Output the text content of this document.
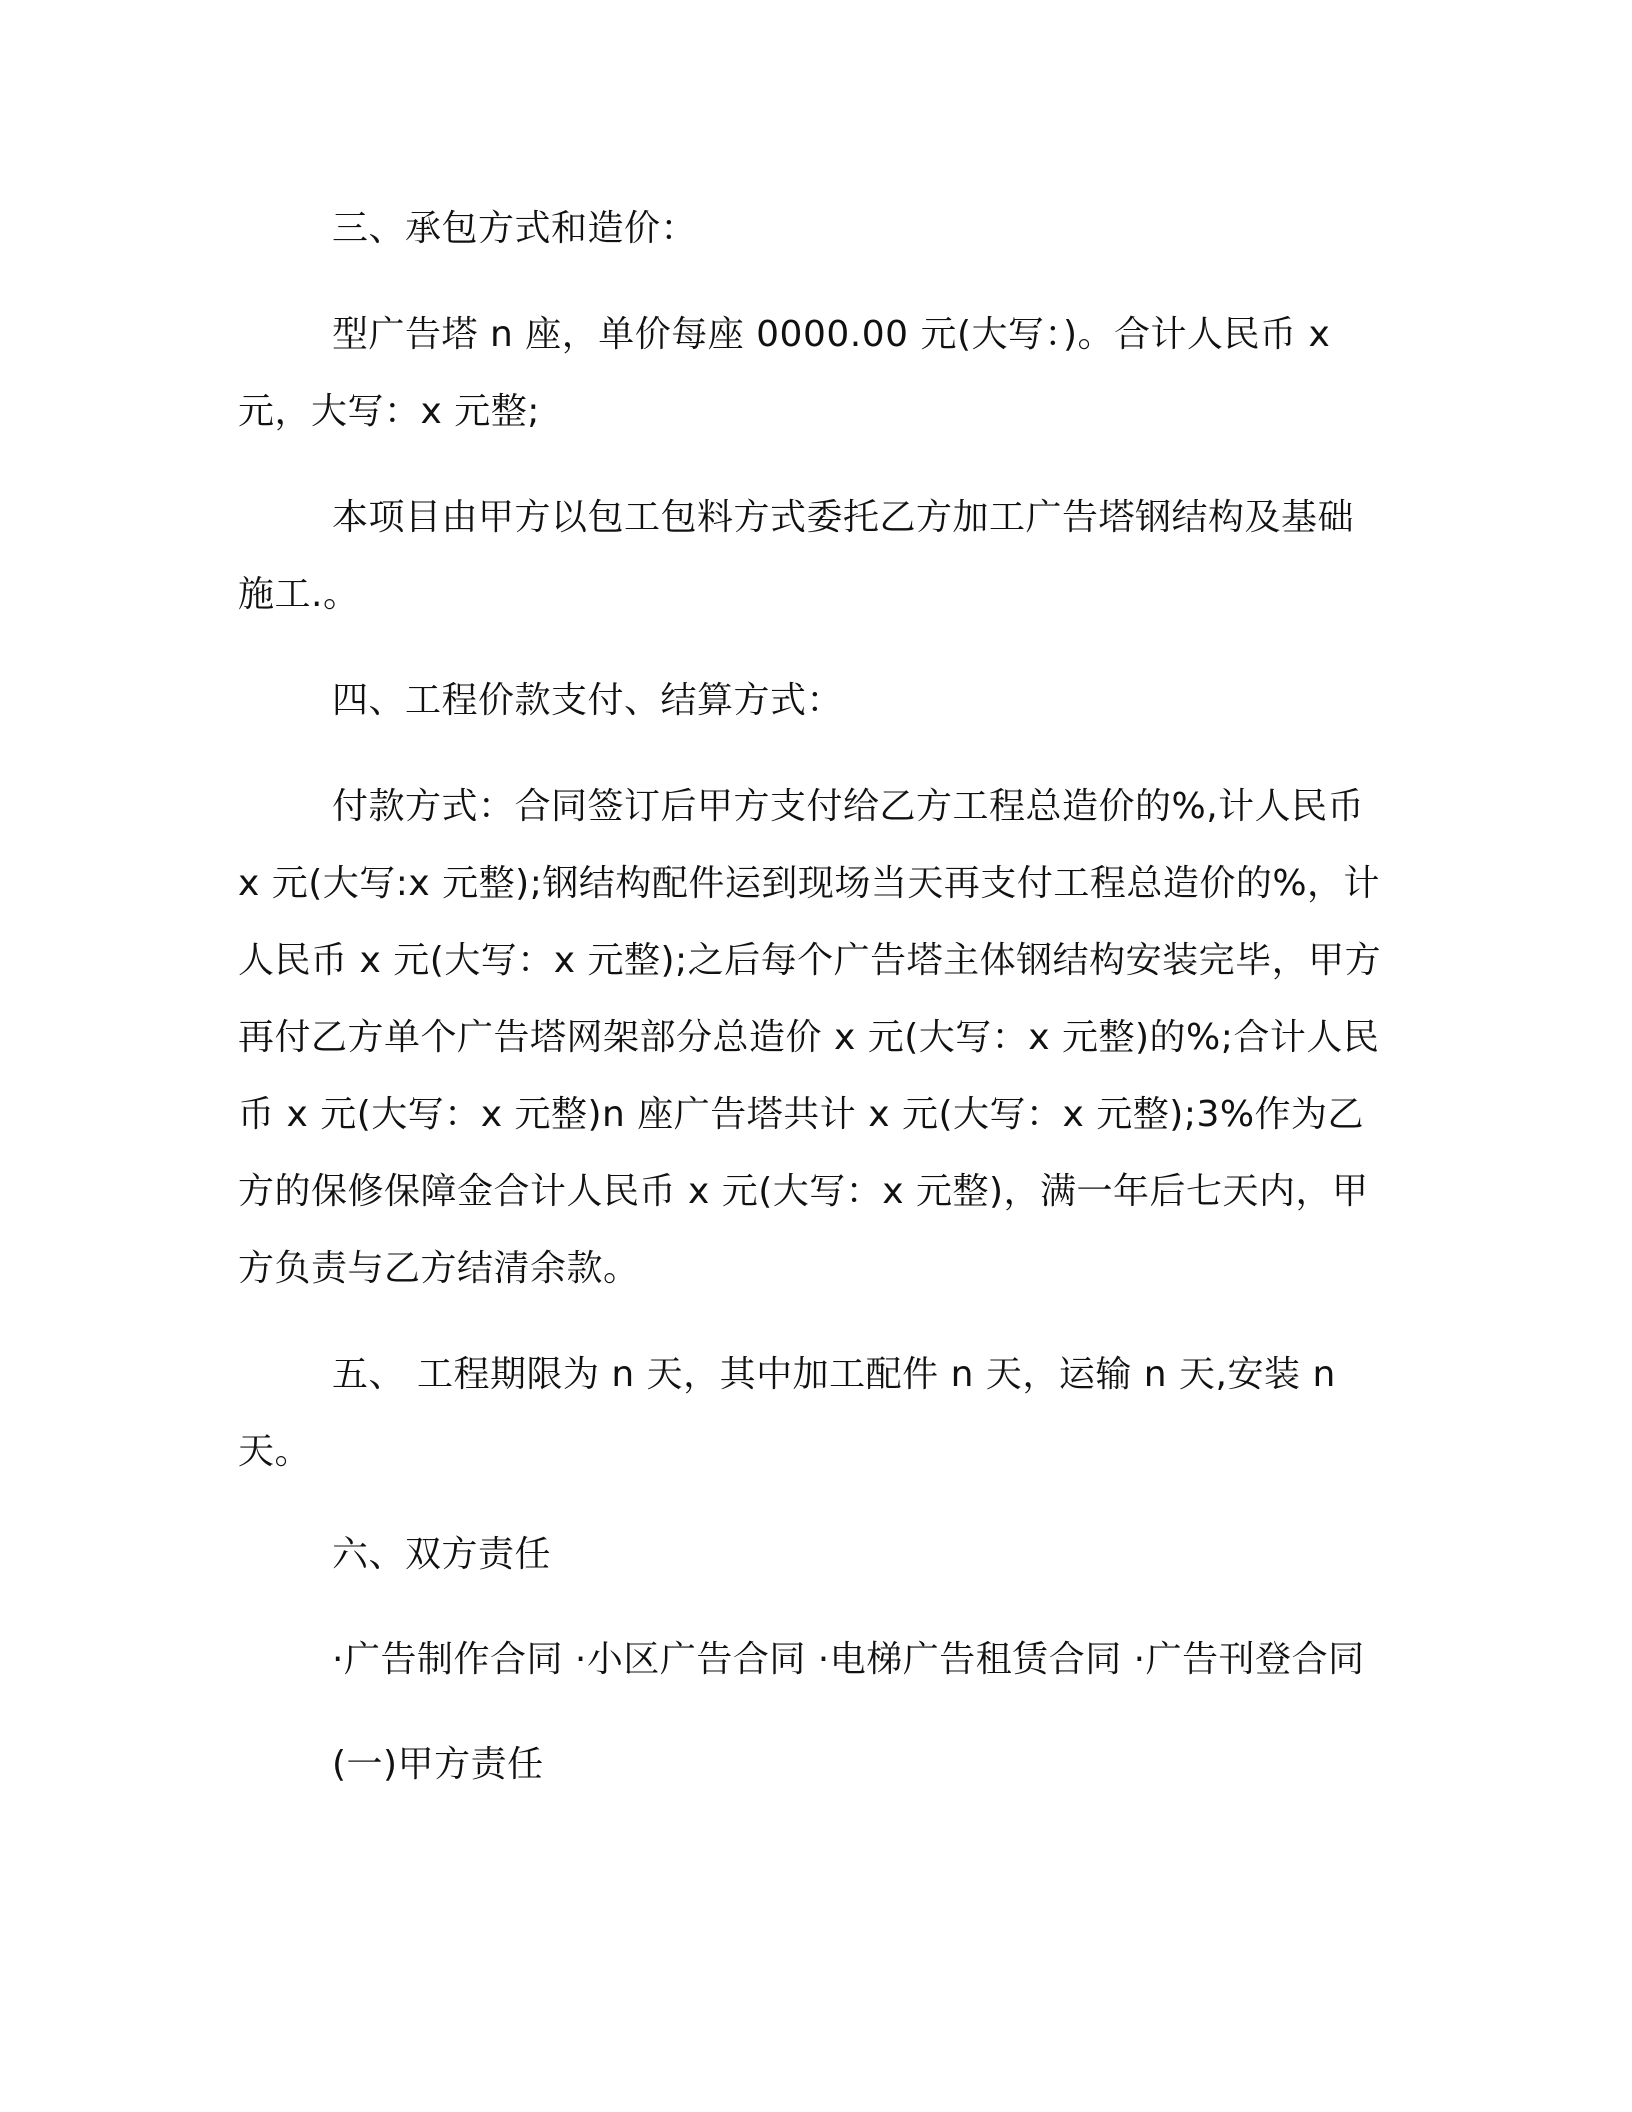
三、承包方式和造价：

型广告塔 n 座，单价每座 0000.00 元(大写：)。合计人民币 x 元，大写：x 元整;

本项目由甲方以包工包料方式委托乙方加工广告塔钢结构及基础施工.。

四、工程价款支付、结算方式：

付款方式：合同签订后甲方支付给乙方工程总造价的%,计人民币 x 元(大写:x 元整);钢结构配件运到现场当天再支付工程总造价的%，计人民币 x 元(大写：x 元整);之后每个广告塔主体钢结构安装完毕，甲方再付乙方单个广告塔网架部分总造价 x 元(大写：x 元整)的%;合计人民币 x 元(大写：x 元整)n 座广告塔共计 x 元(大写：x 元整);3%作为乙方的保修保障金合计人民币 x 元(大写：x 元整)，满一年后七天内，甲方负责与乙方结清余款。

五、 工程期限为 n 天，其中加工配件 n 天，运输 n 天,安装 n 天。

六、双方责任

·广告制作合同 ·小区广告合同 ·电梯广告租赁合同 ·广告刊登合同

(一)甲方责任
